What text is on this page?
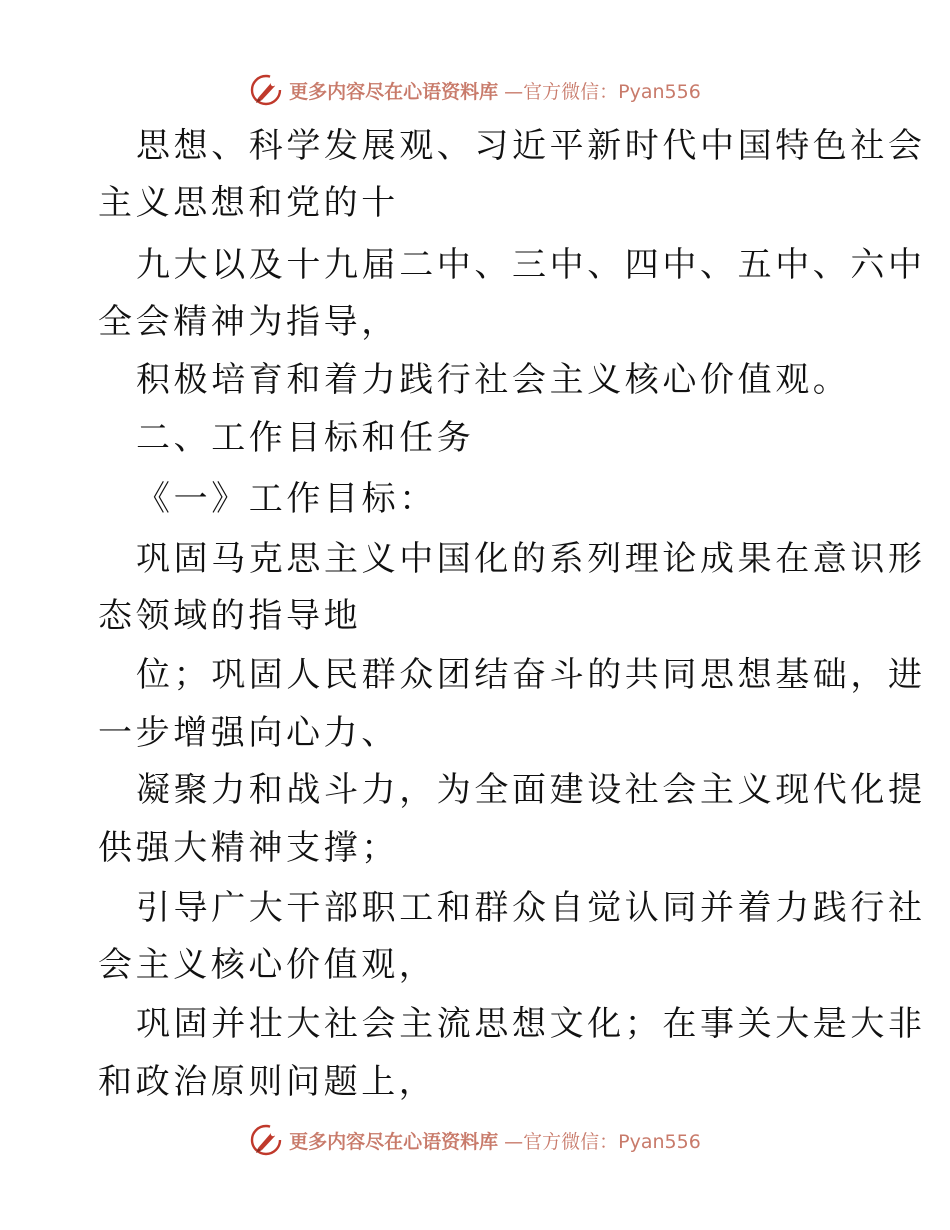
更多内容尽在心语资料库 —官方微信：Pyan556
思想、科学发展观、习近平新时代中国特色社会
主义思想和党的十
九大以及十九届二中、三中、四中、五中、六中
全会精神为指导，
积极培育和着力践行社会主义核心价值观。
二、工作目标和任务
《一》工作目标：
巩固马克思主义中国化的系列理论成果在意识形
态领域的指导地
位；巩固人民群众团结奋斗的共同思想基础，进
一步增强向心力、
凝聚力和战斗力，为全面建设社会主义现代化提
供强大精神支撑；
引导广大干部职工和群众自觉认同并着力践行社
会主义核心价值观，
巩固并壮大社会主流思想文化；在事关大是大非
和政治原则问题上，
更多内容尽在心语资料库 —官方微信：Pyan556
